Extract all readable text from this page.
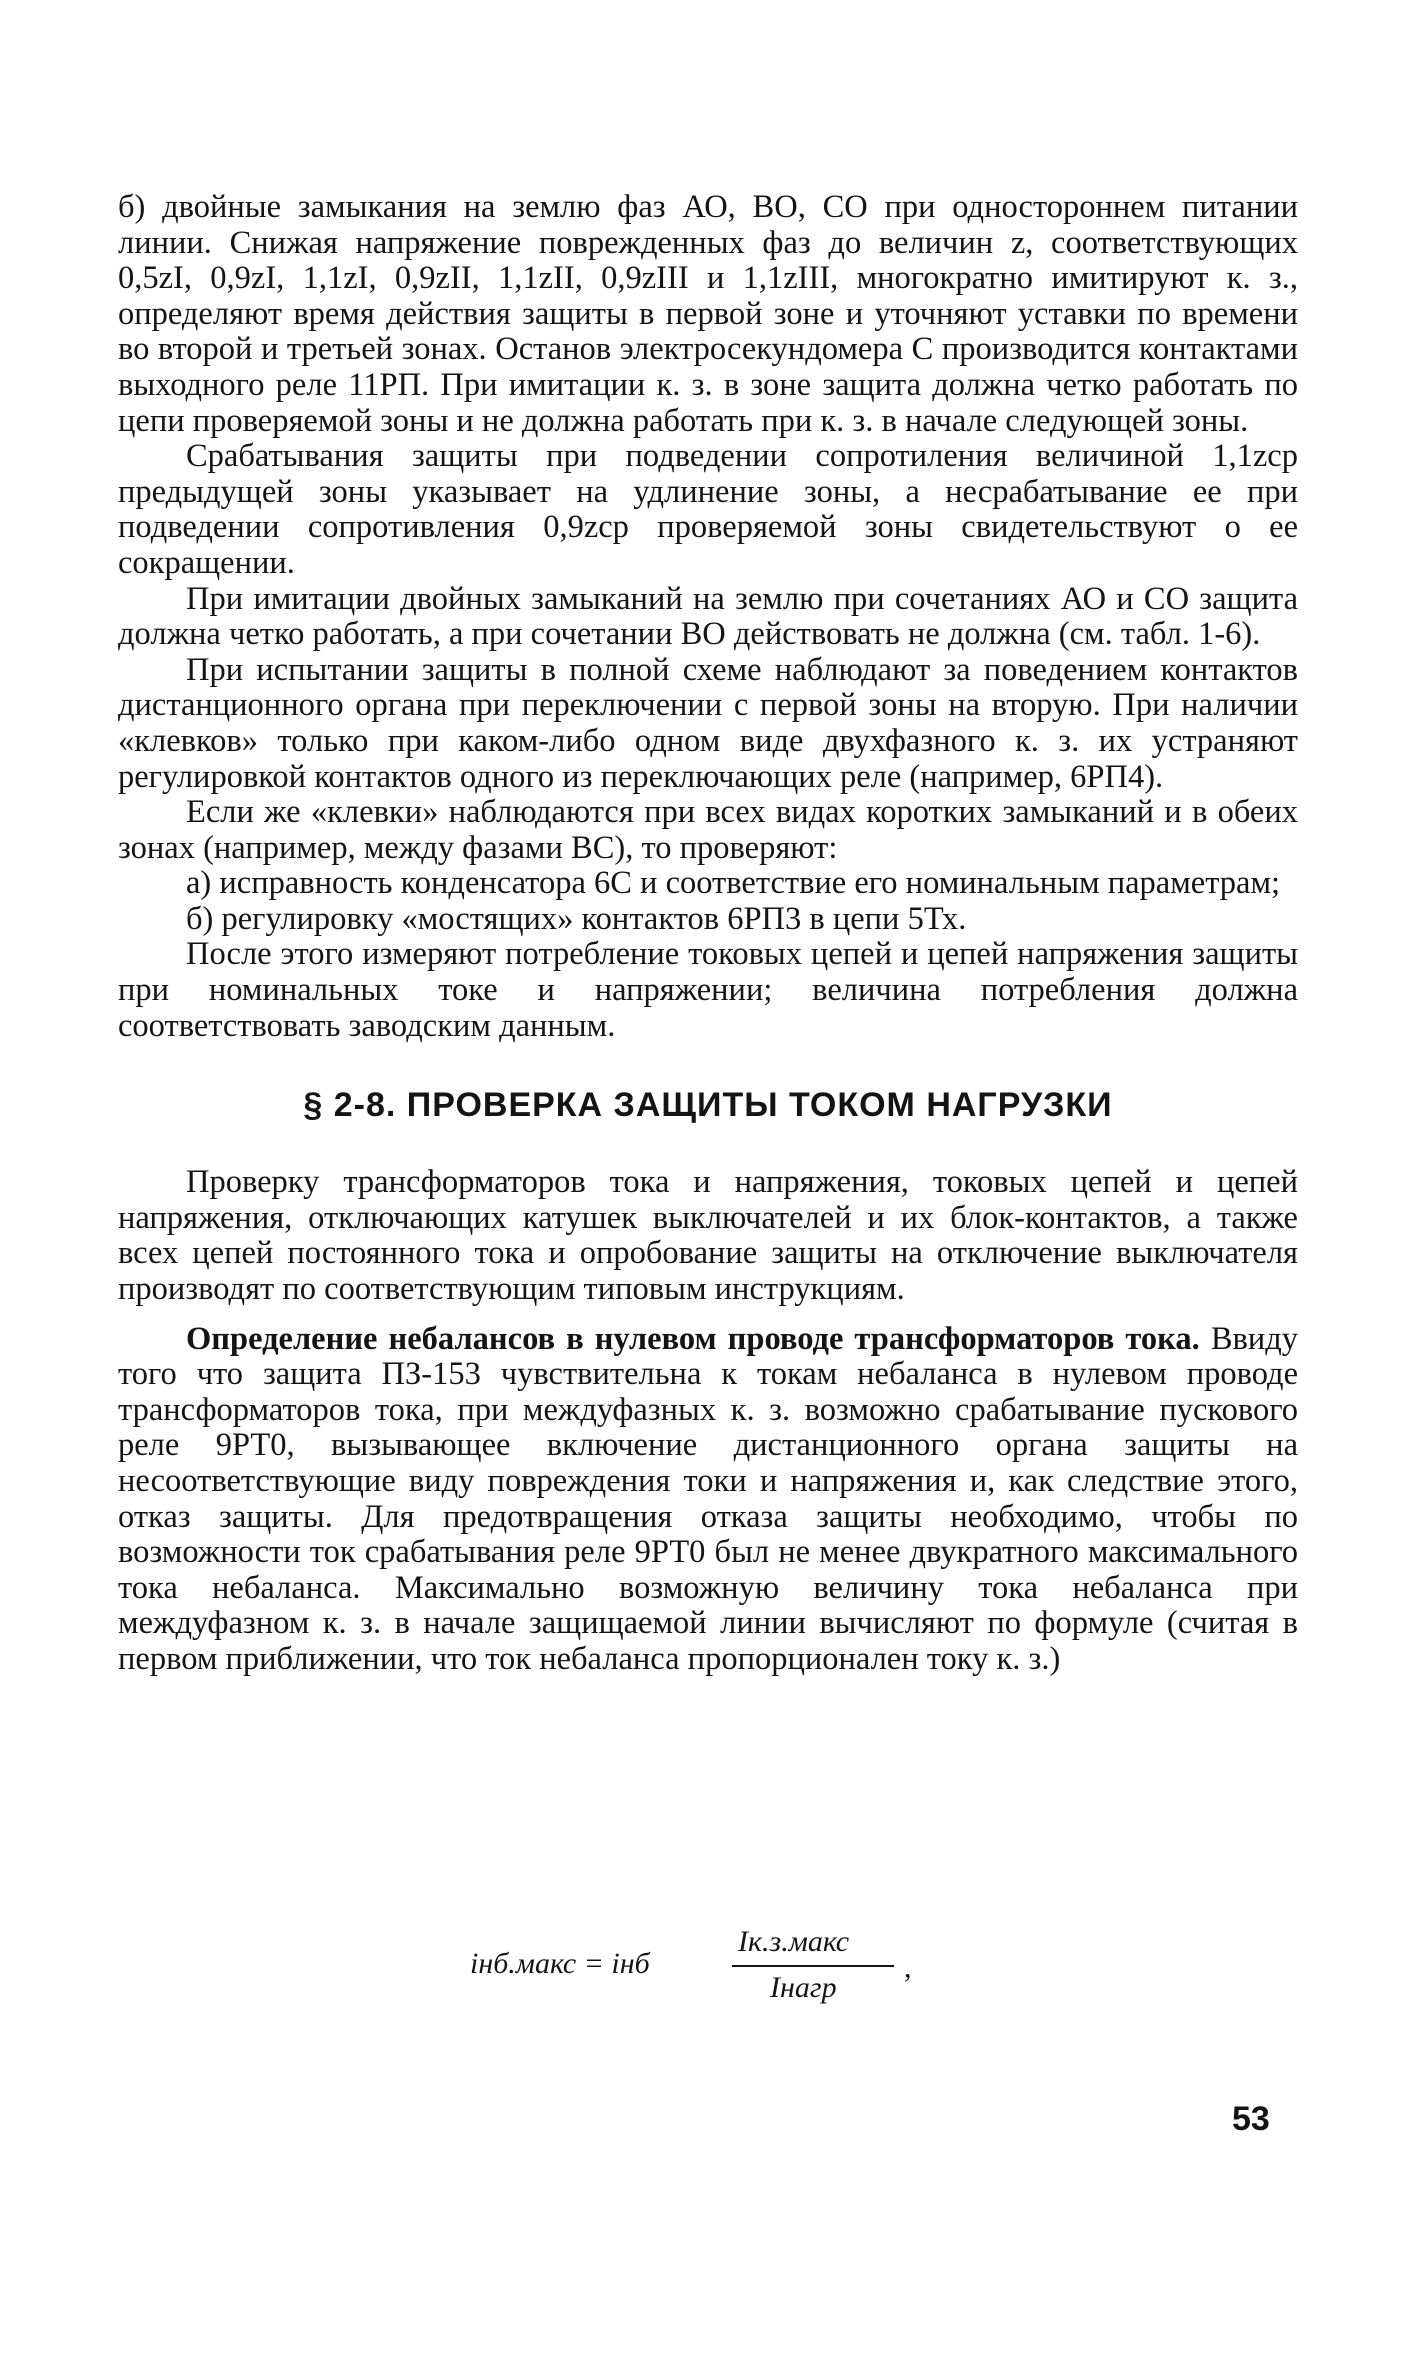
б) двойные замыкания на землю фаз АО, ВО, СО при одностороннем питании линии. Снижая напряжение поврежденных фаз до величин z, соответствующих 0,5zI, 0,9zI, 1,1zI, 0,9zII, 1,1zII, 0,9zIII и 1,1zIII, многократно имитируют к. з., определяют время действия защиты в первой зоне и уточняют уставки по времени во второй и третьей зонах. Останов электросекундомера С производится контактами выходного реле 11РП. При имитации к. з. в зоне защита должна четко работать по цепи проверяемой зоны и не должна работать при к. з. в начале следующей зоны.

Срабатывания защиты при подведении сопротиления величиной 1,1zср предыдущей зоны указывает на удлинение зоны, а несрабатывание ее при подведении сопротивления 0,9zср проверяемой зоны свидетельствуют о ее сокращении.

При имитации двойных замыканий на землю при сочетаниях АО и СО защита должна четко работать, а при сочетании ВО действовать не должна (см. табл. 1-6).

При испытании защиты в полной схеме наблюдают за поведением контактов дистанционного органа при переключении с первой зоны на вторую. При наличии «клевков» только при каком-либо одном виде двухфазного к. з. их устраняют регулировкой контактов одного из переключающих реле (например, 6РП4).

Если же «клевки» наблюдаются при всех видах коротких замыканий и в обеих зонах (например, между фазами ВС), то проверяют:

а) исправность конденсатора 6С и соответствие его номинальным параметрам;

б) регулировку «мостящих» контактов 6РП3 в цепи 5Тх.

После этого измеряют потребление токовых цепей и цепей напряжения защиты при номинальных токе и напряжении; величина потребления должна соответствовать заводским данным.

§ 2-8. ПРОВЕРКА ЗАЩИТЫ ТОКОМ НАГРУЗКИ

Проверку трансформаторов тока и напряжения, токовых цепей и цепей напряжения, отключающих катушек выключателей и их блок-контактов, а также всех цепей постоянного тока и опробование защиты на отключение выключателя производят по соответствующим типовым инструкциям.

Определение небалансов в нулевом проводе трансформаторов тока. Ввиду того что защита ПЗ-153 чувствительна к токам небаланса в нулевом проводе трансформаторов тока, при междуфазных к. з. возможно срабатывание пускового реле 9РТ0, вызывающее включение дистанционного органа защиты на несоответствующие виду повреждения токи и напряжения и, как следствие этого, отказ защиты. Для предотвращения отказа защиты необходимо, чтобы по возможности ток срабатывания реле 9РТ0 был не менее двукратного максимального тока небаланса. Максимально возможную величину тока небаланса при междуфазном к. з. в начале защищаемой линии вычисляют по формуле (считая в первом приближении, что ток небаланса пропорционален току к. з.)

iнб.макс = iнб
Iк.з.макс
Iнагр
,
53
